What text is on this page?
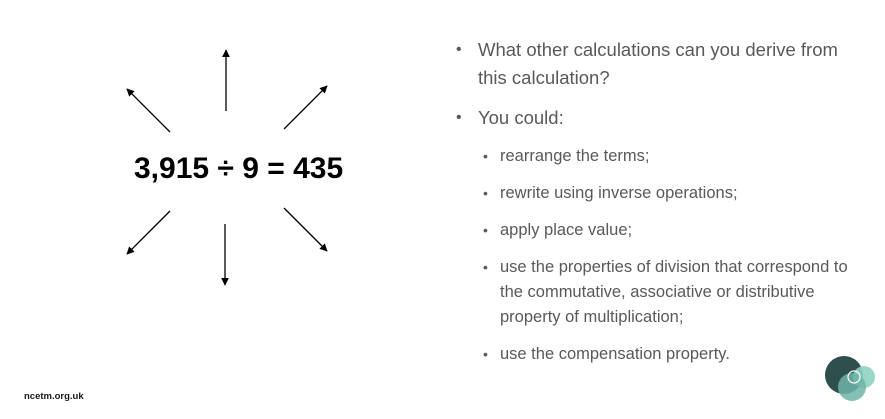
3,915 ÷ 9 = 435
• What other calculations can you derive from this calculation?
• You could:
• rearrange the terms;
• rewrite using inverse operations;
• apply place value;
• use the properties of division that correspond to the commutative, associative or distributive property of multiplication;
• use the compensation property.
ncetm.org.uk
